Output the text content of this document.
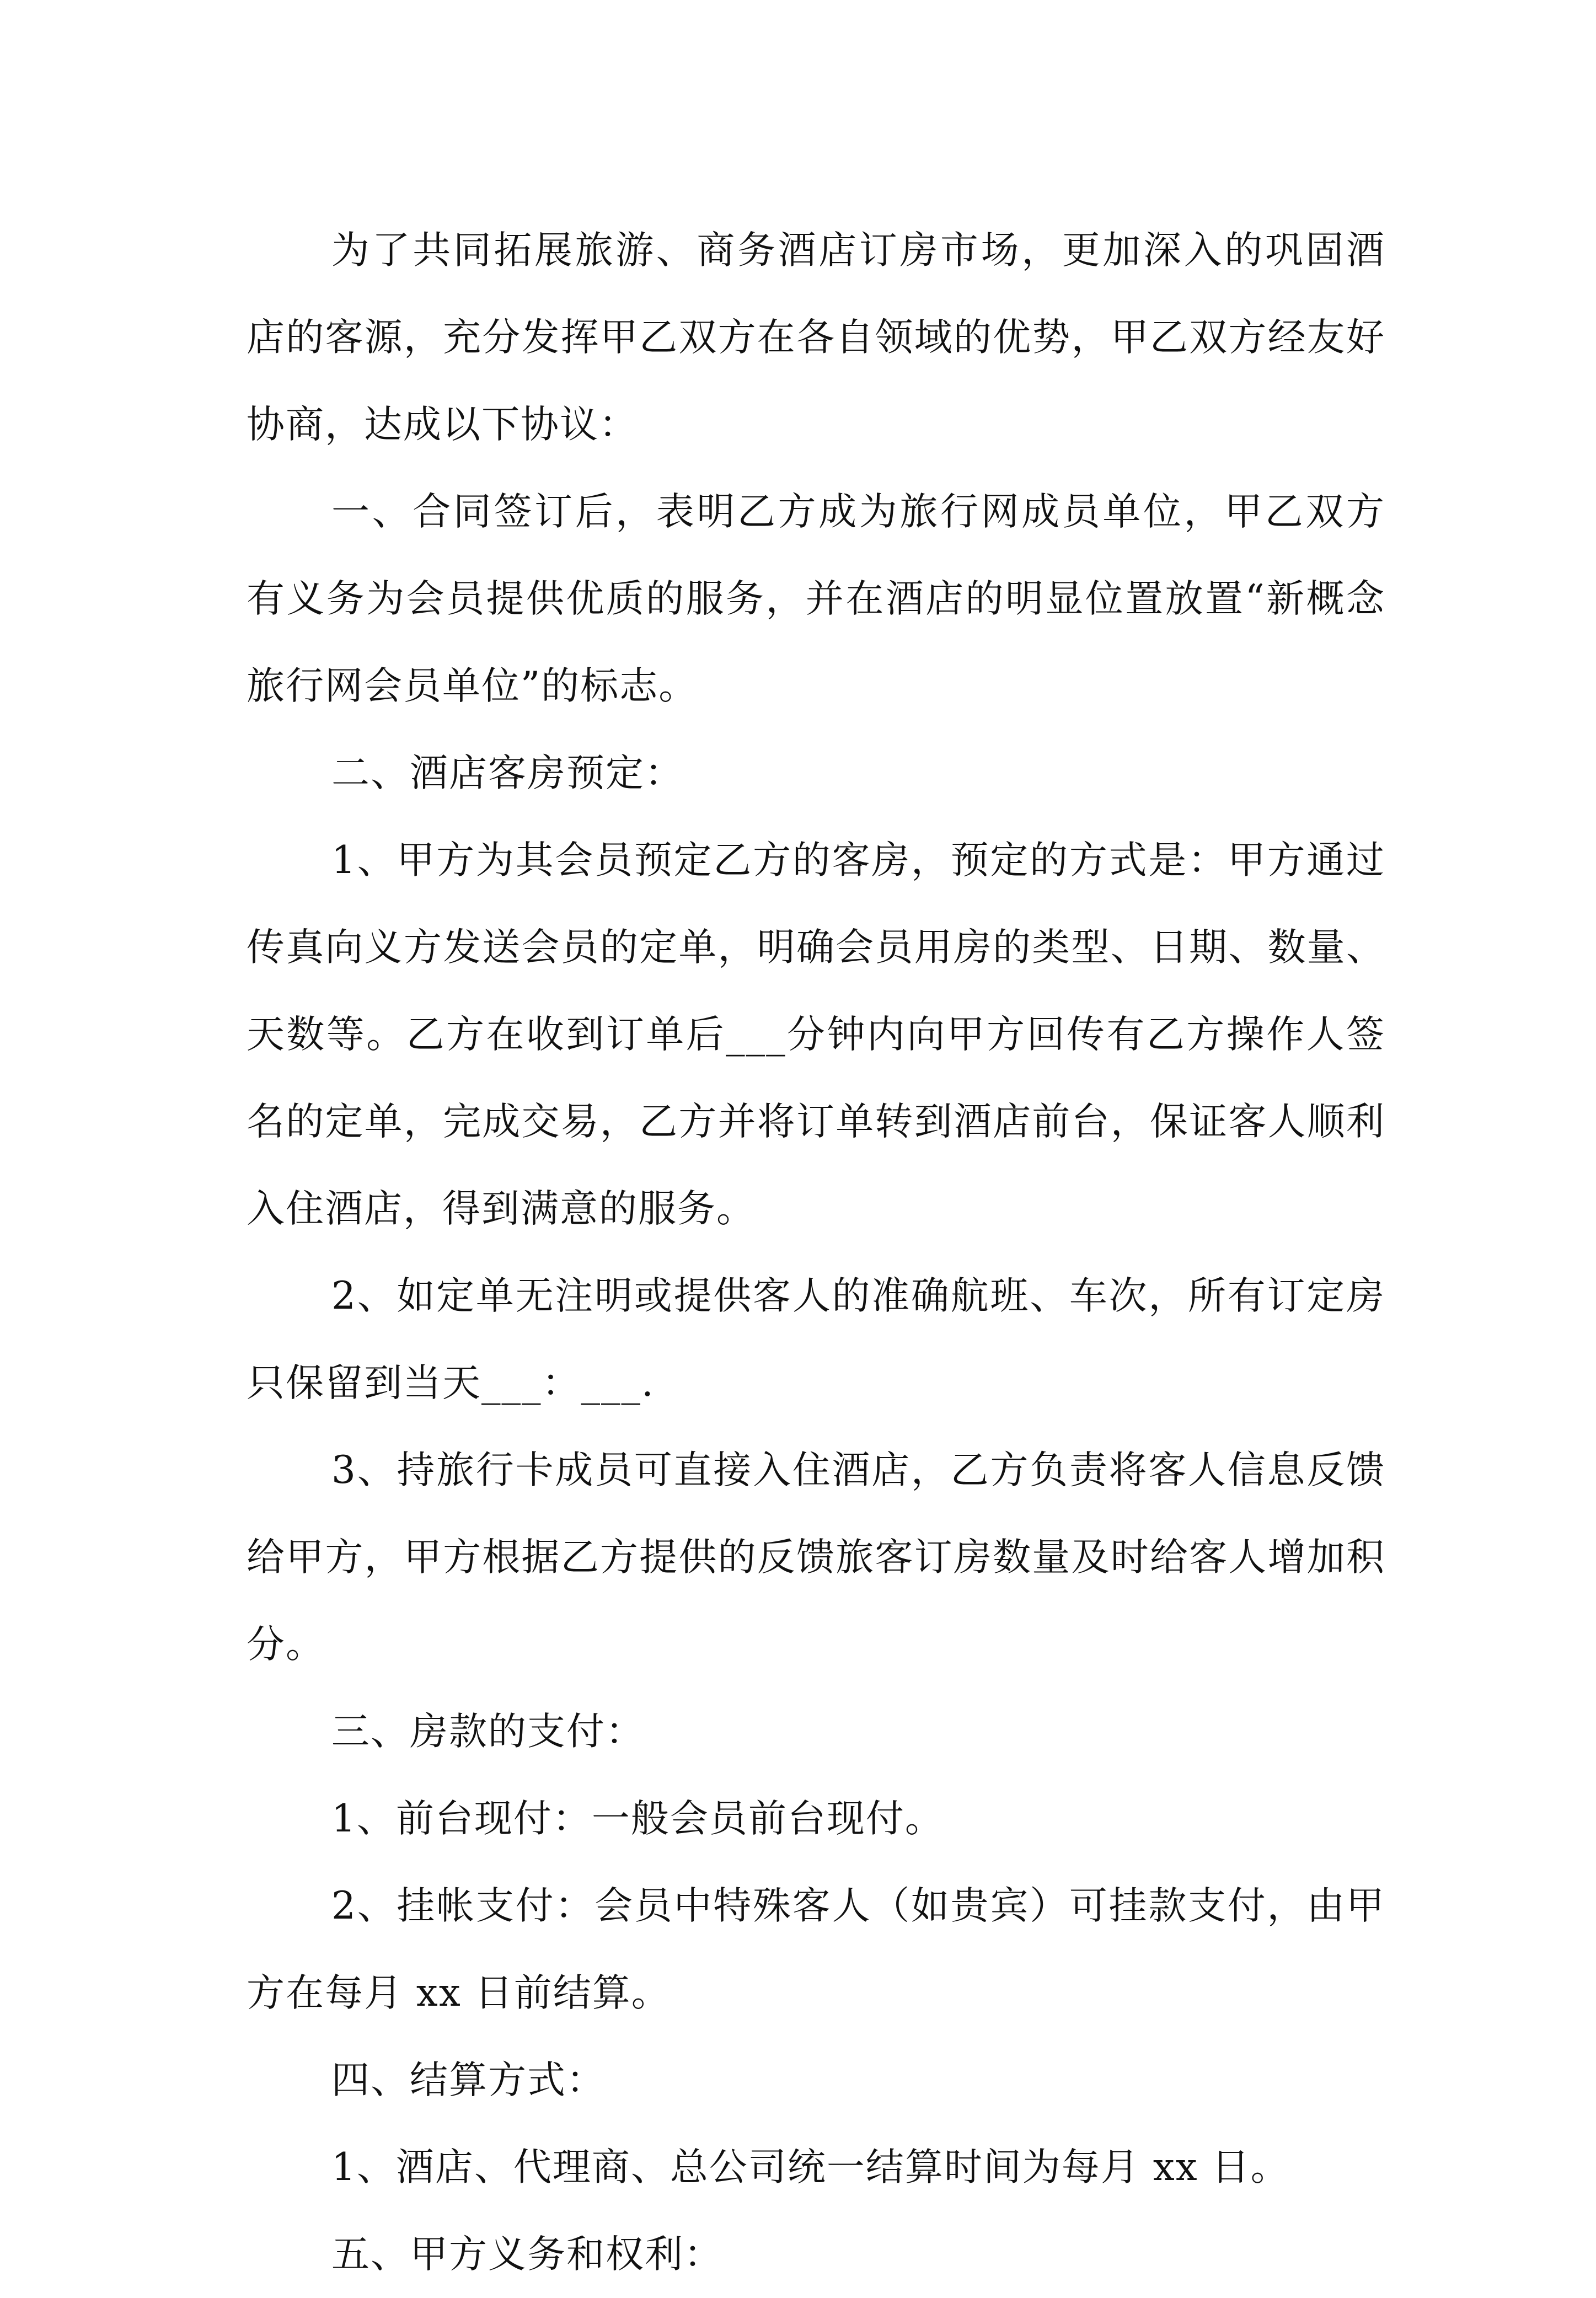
为了共同拓展旅游、商务酒店订房市场，更加深入的巩固酒店的客源，充分发挥甲乙双方在各自领域的优势，甲乙双方经友好协商，达成以下协议：

一、合同签订后，表明乙方成为旅行网成员单位，甲乙双方有义务为会员提供优质的服务，并在酒店的明显位置放置“新概念旅行网会员单位”的标志。

二、酒店客房预定：

1、甲方为其会员预定乙方的客房，预定的方式是：甲方通过传真向义方发送会员的定单，明确会员用房的类型、日期、数量、天数等。乙方在收到订单后___分钟内向甲方回传有乙方操作人签名的定单，完成交易，乙方并将订单转到酒店前台，保证客人顺利入住酒店，得到满意的服务。

2、如定单无注明或提供客人的准确航班、车次，所有订定房只保留到当天___：___.

3、持旅行卡成员可直接入住酒店，乙方负责将客人信息反馈给甲方，甲方根据乙方提供的反馈旅客订房数量及时给客人增加积分。

三、房款的支付：

1、前台现付：一般会员前台现付。

2、挂帐支付：会员中特殊客人（如贵宾）可挂款支付，由甲方在每月 xx 日前结算。

四、结算方式：

1、酒店、代理商、总公司统一结算时间为每月 xx 日。

五、甲方义务和权利：
